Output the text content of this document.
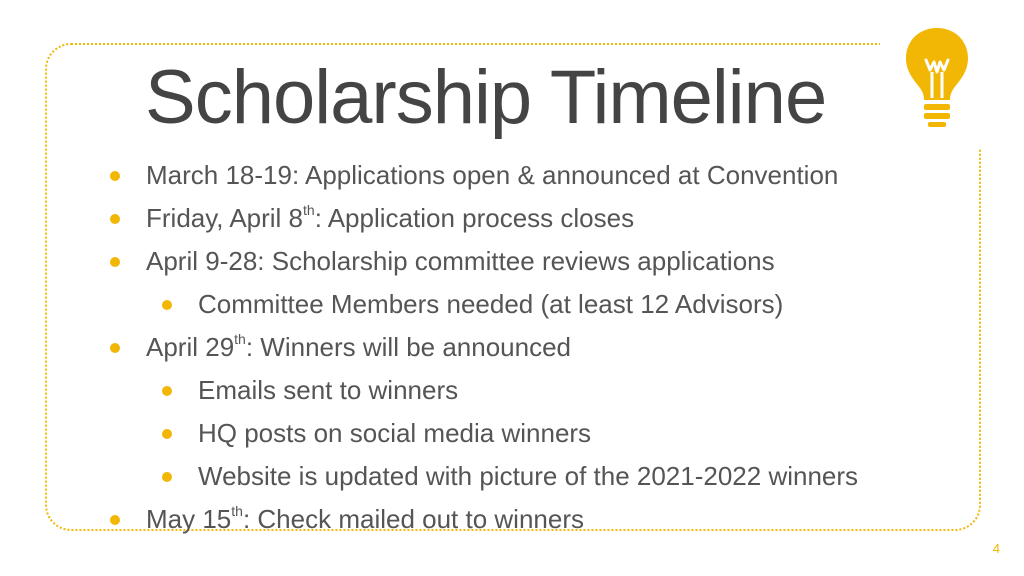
Scholarship Timeline
March 18-19: Applications open & announced at Convention
Friday, April 8th: Application process closes
April 9-28: Scholarship committee reviews applications
Committee Members needed (at least 12 Advisors)
April 29th: Winners will be announced
Emails sent to winners
HQ posts on social media winners
Website is updated with picture of the 2021-2022 winners
May 15th: Check mailed out to winners
4
